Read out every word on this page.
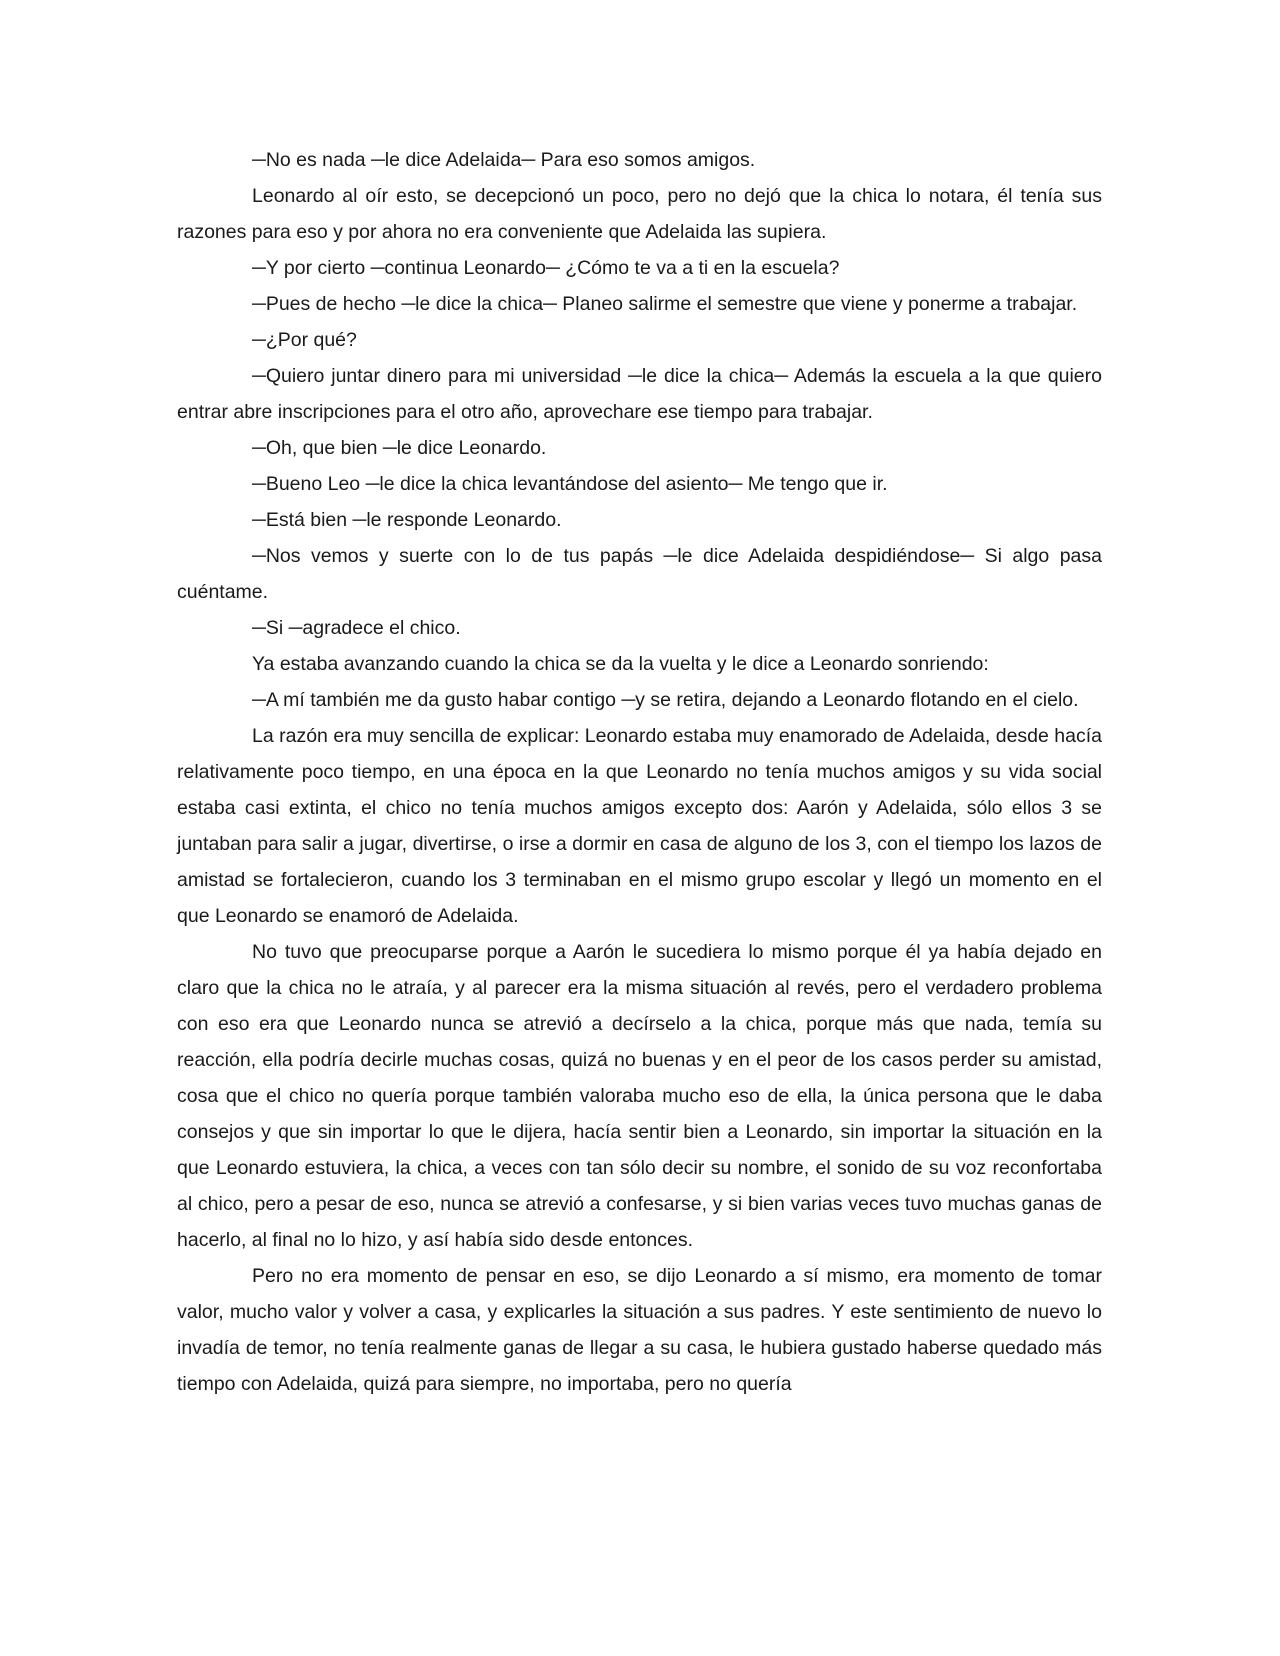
─No es nada ─le dice Adelaida─ Para eso somos amigos.

Leonardo al oír esto, se decepcionó un poco, pero no dejó que la chica lo notara, él tenía sus razones para eso y por ahora no era conveniente que Adelaida las supiera.

─Y por cierto ─continua Leonardo─ ¿Cómo te va a ti en la escuela?

─Pues de hecho ─le dice la chica─ Planeo salirme el semestre que viene y ponerme a trabajar.

─¿Por qué?

─Quiero juntar dinero para mi universidad ─le dice la chica─ Además la escuela a la que quiero entrar abre inscripciones para el otro año, aprovechare ese tiempo para trabajar.

─Oh, que bien ─le dice Leonardo.

─Bueno Leo ─le dice la chica levantándose del asiento─ Me tengo que ir.

─Está bien ─le responde Leonardo.

─Nos vemos y suerte con lo de tus papás ─le dice Adelaida despidiéndose─ Si algo pasa cuéntame.

─Si ─agradece el chico.

Ya estaba avanzando cuando la chica se da la vuelta y le dice a Leonardo sonriendo:

─A mí también me da gusto habar contigo ─y se retira, dejando a Leonardo flotando en el cielo.

La razón era muy sencilla de explicar: Leonardo estaba muy enamorado de Adelaida, desde hacía relativamente poco tiempo, en una época en la que Leonardo no tenía muchos amigos y su vida social estaba casi extinta, el chico no tenía muchos amigos excepto dos: Aarón y Adelaida, sólo ellos 3 se juntaban para salir a jugar, divertirse, o irse a dormir en casa de alguno de los 3, con el tiempo los lazos de amistad se fortalecieron, cuando los 3 terminaban en el mismo grupo escolar y llegó un momento en el que Leonardo se enamoró de Adelaida.

No tuvo que preocuparse porque a Aarón le sucediera lo mismo porque él ya había dejado en claro que la chica no le atraía, y al parecer era la misma situación al revés, pero el verdadero problema con eso era que Leonardo nunca se atrevió a decírselo a la chica, porque más que nada, temía su reacción, ella podría decirle muchas cosas, quizá no buenas y en el peor de los casos perder su amistad, cosa que el chico no quería porque también valoraba mucho eso de ella, la única persona que le daba consejos y que sin importar lo que le dijera, hacía sentir bien a Leonardo, sin importar la situación en la que Leonardo estuviera, la chica, a veces con tan sólo decir su nombre, el sonido de su voz reconfortaba al chico, pero a pesar de eso, nunca se atrevió a confesarse, y si bien varias veces tuvo muchas ganas de hacerlo, al final no lo hizo, y así había sido desde entonces.

Pero no era momento de pensar en eso, se dijo Leonardo a sí mismo, era momento de tomar valor, mucho valor y volver a casa, y explicarles la situación a sus padres. Y este sentimiento de nuevo lo invadía de temor, no tenía realmente ganas de llegar a su casa, le hubiera gustado haberse quedado más tiempo con Adelaida, quizá para siempre, no importaba, pero no quería
